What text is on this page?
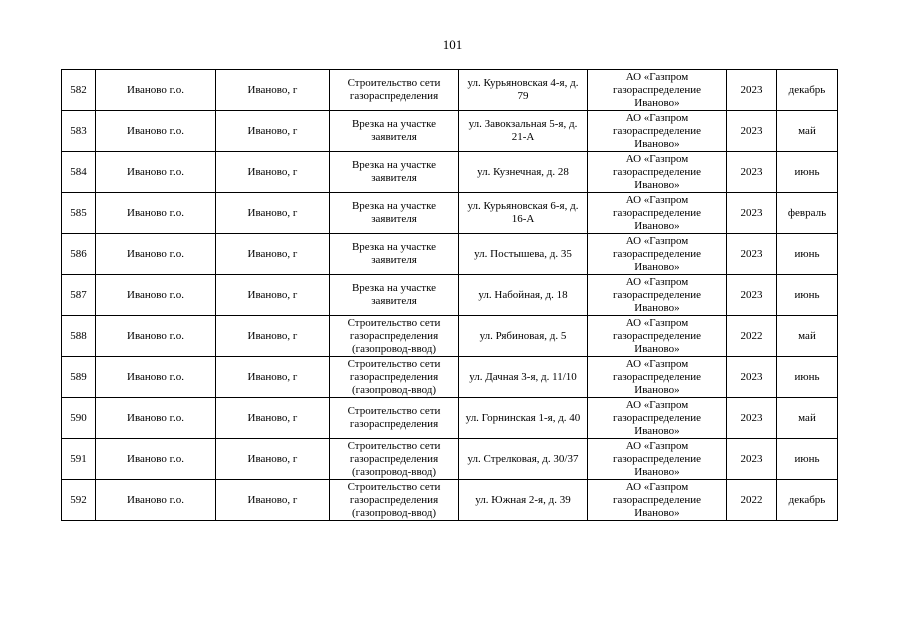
101
582	Иваново г.о.	Иваново, г	Строительство сети газораспределения	ул. Курьяновская 4-я, д. 79	АО «Газпром газораспределение Иваново»	2023	декабрь
583	Иваново г.о.	Иваново, г	Врезка на участке заявителя	ул. Завокзальная 5-я, д. 21-А	АО «Газпром газораспределение Иваново»	2023	май
584	Иваново г.о.	Иваново, г	Врезка на участке заявителя	ул. Кузнечная, д. 28	АО «Газпром газораспределение Иваново»	2023	июнь
585	Иваново г.о.	Иваново, г	Врезка на участке заявителя	ул. Курьяновская 6-я, д. 16-А	АО «Газпром газораспределение Иваново»	2023	февраль
586	Иваново г.о.	Иваново, г	Врезка на участке заявителя	ул. Постышева, д. 35	АО «Газпром газораспределение Иваново»	2023	июнь
587	Иваново г.о.	Иваново, г	Врезка на участке заявителя	ул. Набойная, д. 18	АО «Газпром газораспределение Иваново»	2023	июнь
588	Иваново г.о.	Иваново, г	Строительство сети газораспределения (газопровод-ввод)	ул. Рябиновая, д. 5	АО «Газпром газораспределение Иваново»	2022	май
589	Иваново г.о.	Иваново, г	Строительство сети газораспределения (газопровод-ввод)	ул. Дачная 3-я, д. 11/10	АО «Газпром газораспределение Иваново»	2023	июнь
590	Иваново г.о.	Иваново, г	Строительство сети газораспределения	ул. Горнинская 1-я, д. 40	АО «Газпром газораспределение Иваново»	2023	май
591	Иваново г.о.	Иваново, г	Строительство сети газораспределения (газопровод-ввод)	ул. Стрелковая, д. 30/37	АО «Газпром газораспределение Иваново»	2023	июнь
592	Иваново г.о.	Иваново, г	Строительство сети газораспределения (газопровод-ввод)	ул. Южная 2-я, д. 39	АО «Газпром газораспределение Иваново»	2022	декабрь
